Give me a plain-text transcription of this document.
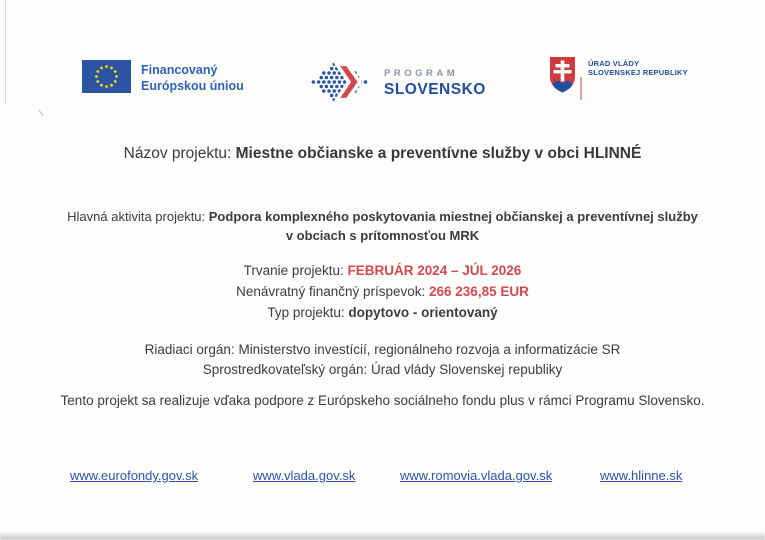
Financovaný
Európskou úniou
PROGRAM
SLOVENSKO
ÚRAD VLÁDY
SLOVENSKEJ REPUBLIKY
Názov projektu: Miestne občianske a preventívne služby v obci HLINNÉ
Hlavná aktivita projektu: Podpora komplexného poskytovania miestnej občianskej a preventívnej služby
v obciach s prítomnosťou MRK
Trvanie projektu: FEBRUÁR 2024 – JÚL 2026
Nenávratný finančný príspevok: 266 236,85 EUR
Typ projektu: dopytovo - orientovaný
Riadiaci orgán: Ministerstvo investícií, regionálneho rozvoja a informatizácie SR
Sprostredkovateľský orgán: Úrad vlády Slovenskej republiky
Tento projekt sa realizuje vďaka podpore z Európskeho sociálneho fondu plus v rámci Programu Slovensko.
www.eurofondy.gov.sk	www.vlada.gov.sk	www.romovia.vlada.gov.sk	www.hlinne.sk
